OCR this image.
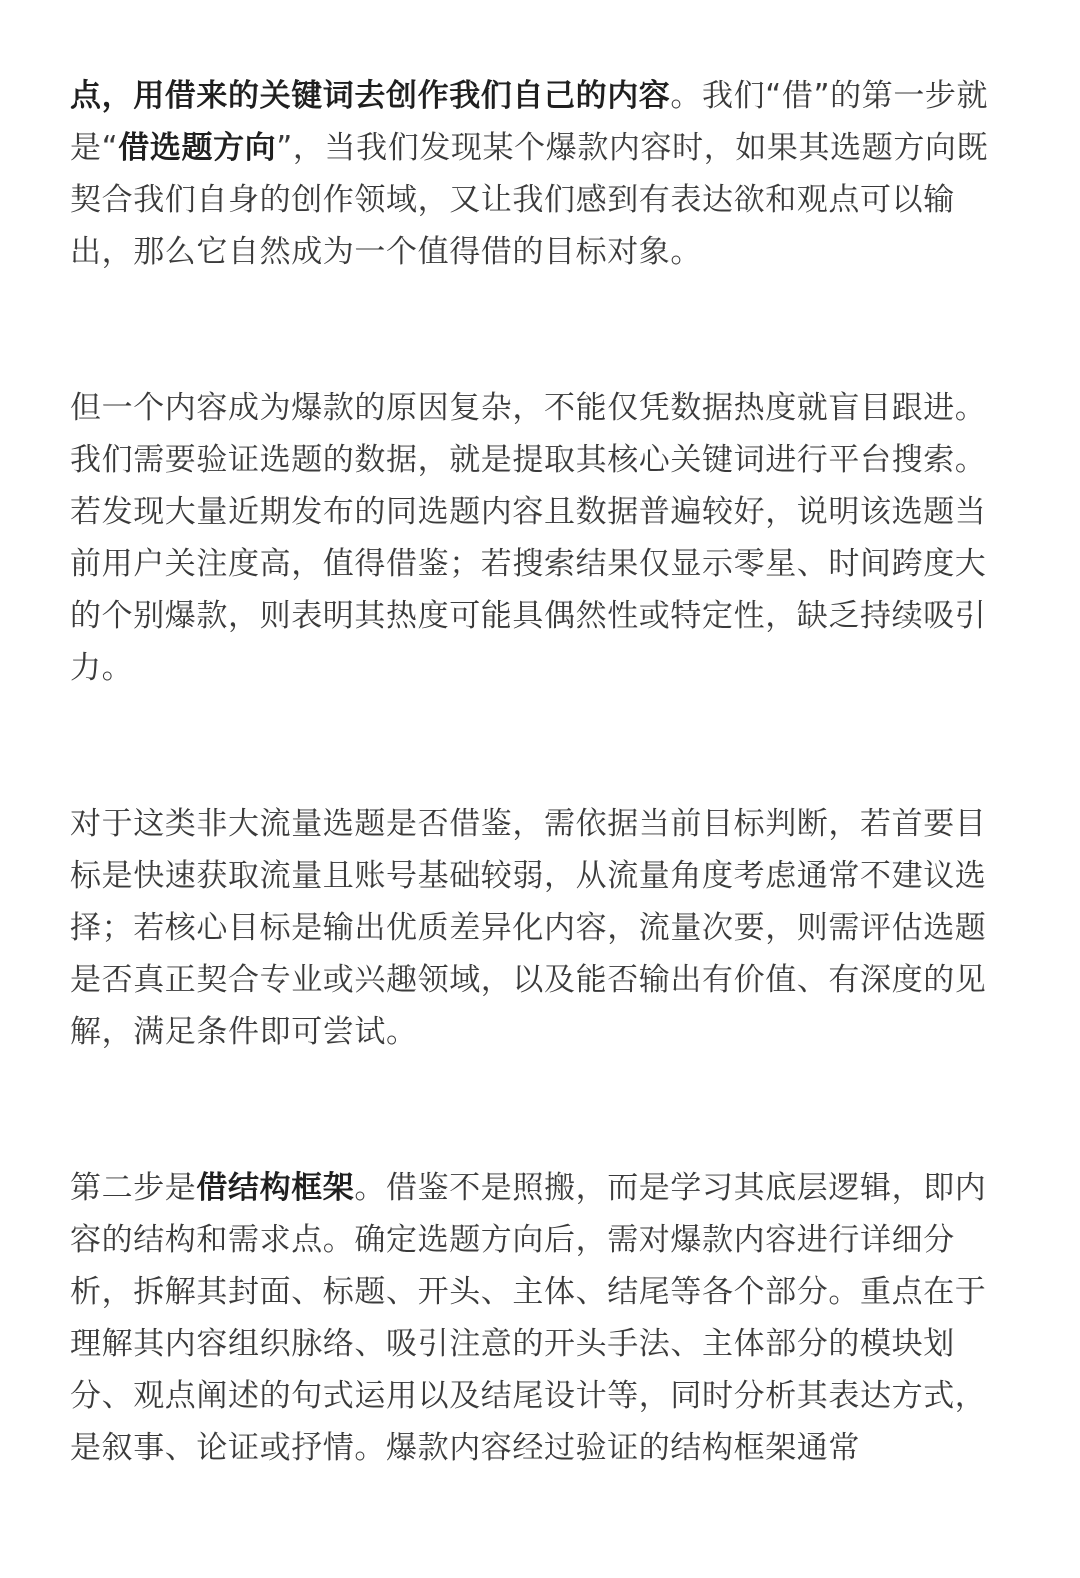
点，用借来的关键词去创作我们自己的内容。我们“借”的第一步就是“借选题方向”，当我们发现某个爆款内容时，如果其选题方向既契合我们自身的创作领域，又让我们感到有表达欲和观点可以输出，那么它自然成为一个值得借的目标对象。

但一个内容成为爆款的原因复杂，不能仅凭数据热度就盲目跟进。我们需要验证选题的数据，就是提取其核心关键词进行平台搜索。若发现大量近期发布的同选题内容且数据普遍较好，说明该选题当前用户关注度高，值得借鉴；若搜索结果仅显示零星、时间跨度大的个别爆款，则表明其热度可能具偶然性或特定性，缺乏持续吸引力。

对于这类非大流量选题是否借鉴，需依据当前目标判断，若首要目标是快速获取流量且账号基础较弱，从流量角度考虑通常不建议选择；若核心目标是输出优质差异化内容，流量次要，则需评估选题是否真正契合专业或兴趣领域，以及能否输出有价值、有深度的见解，满足条件即可尝试。

第二步是借结构框架。借鉴不是照搬，而是学习其底层逻辑，即内容的结构和需求点。确定选题方向后，需对爆款内容进行详细分析，拆解其封面、标题、开头、主体、结尾等各个部分。重点在于理解其内容组织脉络、吸引注意的开头手法、主体部分的模块划分、观点阐述的句式运用以及结尾设计等，同时分析其表达方式，是叙事、论证或抒情。爆款内容经过验证的结构框架通常
